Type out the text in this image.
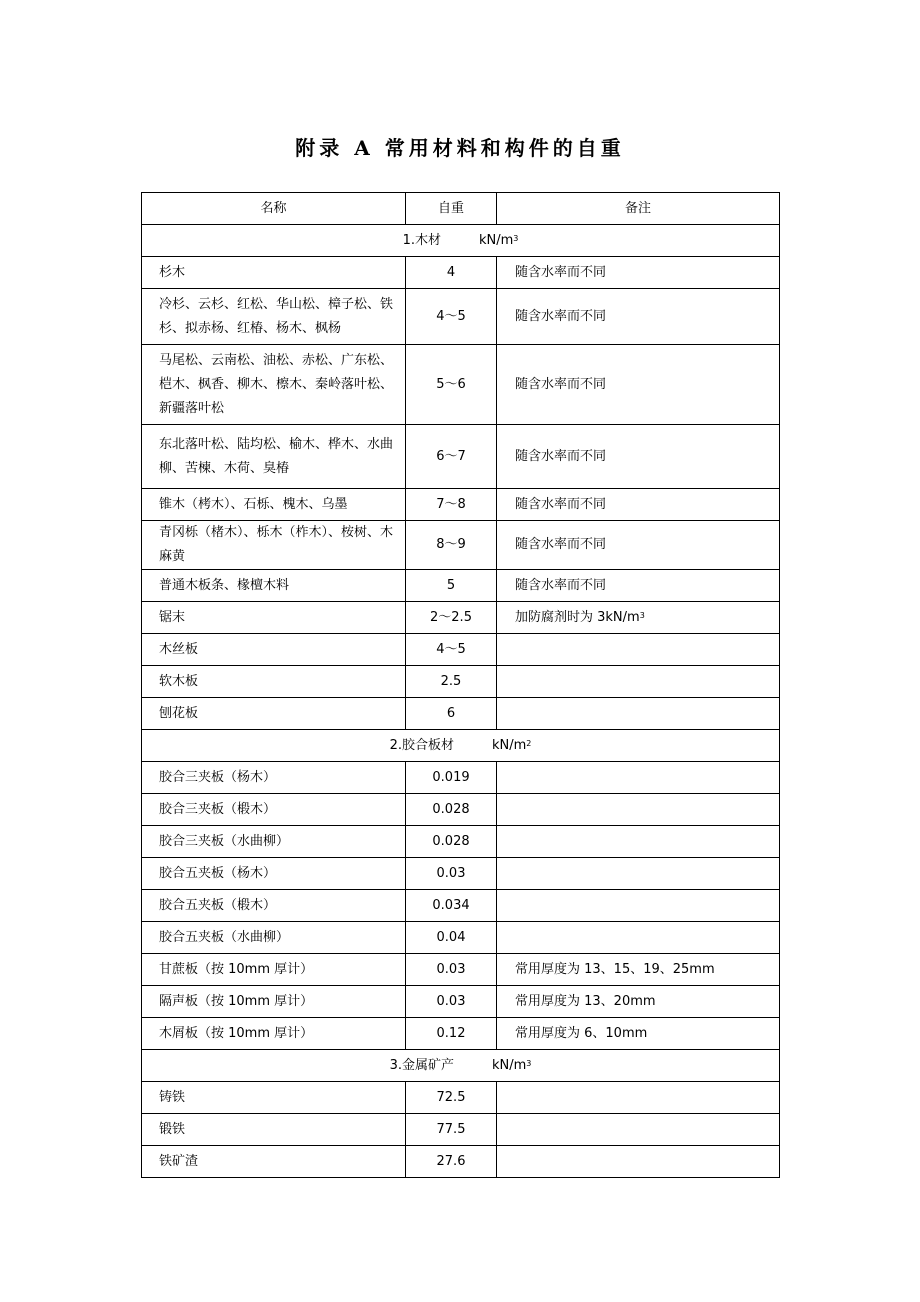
附录 A 常用材料和构件的自重
名称	自重	备注
1.木材 $kN/m^3$
杉木	4	随含水率而不同
冷杉、云杉、红松、华山松、樟子松、铁杉、拟赤杨、红椿、杨木、枫杨	4～5	随含水率而不同
马尾松、云南松、油松、赤松、广东松、桤木、枫香、柳木、檫木、秦岭落叶松、新疆落叶松	5～6	随含水率而不同
东北落叶松、陆均松、榆木、桦木、水曲柳、苦楝、木荷、臭椿	6～7	随含水率而不同
锥木（栲木）、石栎、槐木、乌墨	7～8	随含水率而不同
青冈栎（楮木）、栎木（柞木）、桉树、木麻黄	8～9	随含水率而不同
普通木板条、椽檀木料	5	随含水率而不同
锯末	2～2.5	加防腐剂时为 $3kN/m^3$
木丝板	4～5	
软木板	2.5	
刨花板	6	
2.胶合板材 $kN/m^2$
胶合三夹板（杨木）	0.019	
胶合三夹板（椴木）	0.028	
胶合三夹板（水曲柳）	0.028	
胶合五夹板（杨木）	0.03	
胶合五夹板（椴木）	0.034	
胶合五夹板（水曲柳）	0.04	
甘蔗板（按 10mm 厚计）	0.03	常用厚度为 13、15、19、25mm
隔声板（按 10mm 厚计）	0.03	常用厚度为 13、20mm
木屑板（按 10mm 厚计）	0.12	常用厚度为 6、10mm
3.金属矿产 $kN/m^3$
铸铁	72.5	
锻铁	77.5	
铁矿渣	27.6	
